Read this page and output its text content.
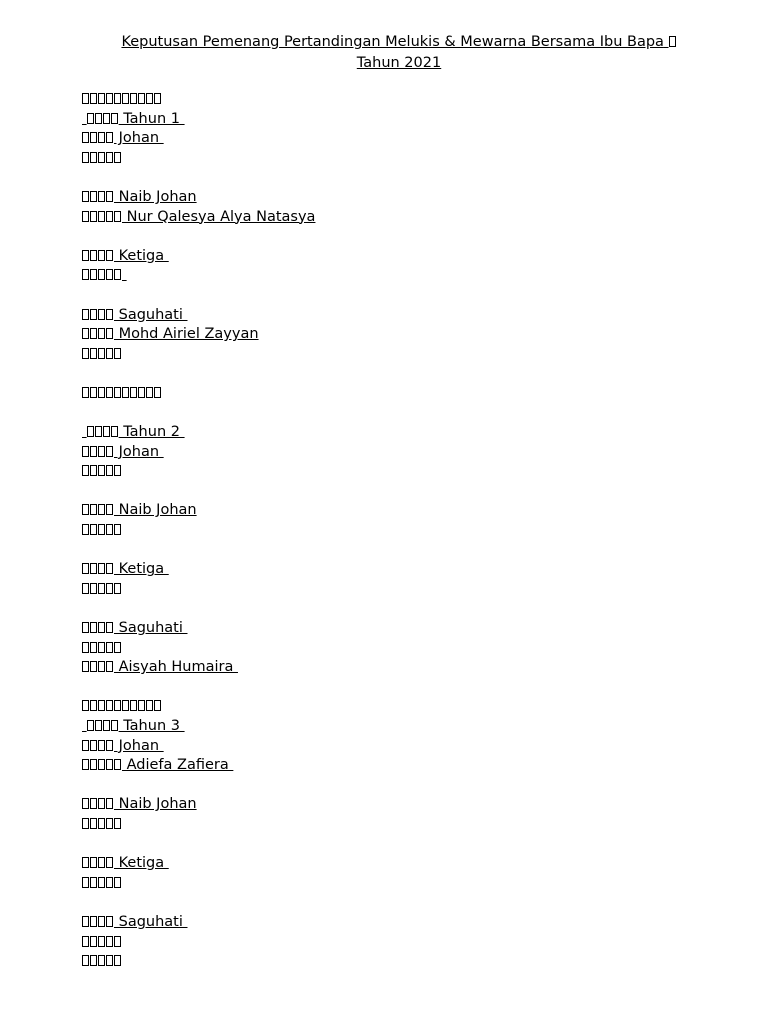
Keputusan Pemenang Pertandingan Melukis & Mewarna Bersama Ibu Bapa
Tahun 2021
Tahun 1
Johan
Naib Johan
Nur Qalesya Alya Natasya
Ketiga

Saguhati
Mohd Airiel Zayyan
Tahun 2
Johan
Naib Johan
Ketiga
Saguhati
Aisyah Humaira
Tahun 3
Johan
Adiefa Zafiera
Naib Johan
Ketiga
Saguhati
